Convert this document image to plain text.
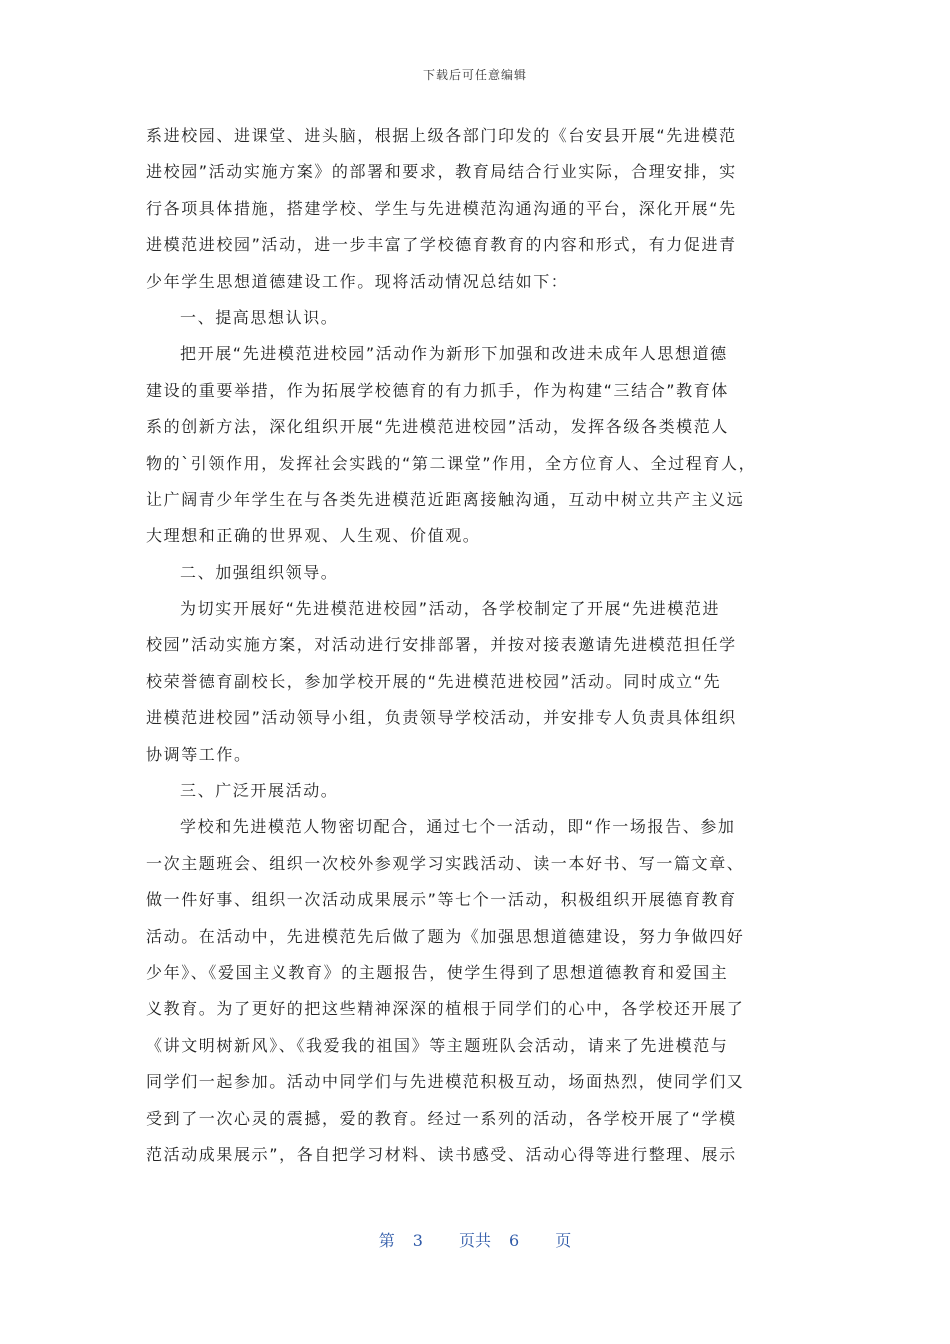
下载后可任意编辑
系进校园、进课堂、进头脑，根据上级各部门印发的《台安县开展“先进模范
进校园”活动实施方案》的部署和要求，教育局结合行业实际，合理安排，实
行各项具体措施，搭建学校、学生与先进模范沟通沟通的平台，深化开展“先
进模范进校园”活动，进一步丰富了学校德育教育的内容和形式，有力促进青
少年学生思想道德建设工作。现将活动情况总结如下：
一、提高思想认识。
把开展“先进模范进校园”活动作为新形下加强和改进未成年人思想道德
建设的重要举措，作为拓展学校德育的有力抓手，作为构建“三结合”教育体
系的创新方法，深化组织开展“先进模范进校园”活动，发挥各级各类模范人
物的`引领作用，发挥社会实践的“第二课堂”作用，全方位育人、全过程育人，
让广阔青少年学生在与各类先进模范近距离接触沟通，互动中树立共产主义远
大理想和正确的世界观、人生观、价值观。
二、加强组织领导。
为切实开展好“先进模范进校园”活动，各学校制定了开展“先进模范进
校园”活动实施方案，对活动进行安排部署，并按对接表邀请先进模范担任学
校荣誉德育副校长，参加学校开展的“先进模范进校园”活动。同时成立“先
进模范进校园”活动领导小组，负责领导学校活动，并安排专人负责具体组织
协调等工作。
三、广泛开展活动。
学校和先进模范人物密切配合，通过七个一活动，即“作一场报告、参加
一次主题班会、组织一次校外参观学习实践活动、读一本好书、写一篇文章、
做一件好事、组织一次活动成果展示”等七个一活动，积极组织开展德育教育
活动。在活动中，先进模范先后做了题为《加强思想道德建设，努力争做四好
少年》、《爱国主义教育》的主题报告，使学生得到了思想道德教育和爱国主
义教育。为了更好的把这些精神深深的植根于同学们的心中，各学校还开展了
《讲文明树新风》、《我爱我的祖国》等主题班队会活动，请来了先进模范与
同学们一起参加。活动中同学们与先进模范积极互动，场面热烈，使同学们又
受到了一次心灵的震撼，爱的教育。经过一系列的活动，各学校开展了“学模
范活动成果展示”，各自把学习材料、读书感受、活动心得等进行整理、展示
第 3 页共 6 页
